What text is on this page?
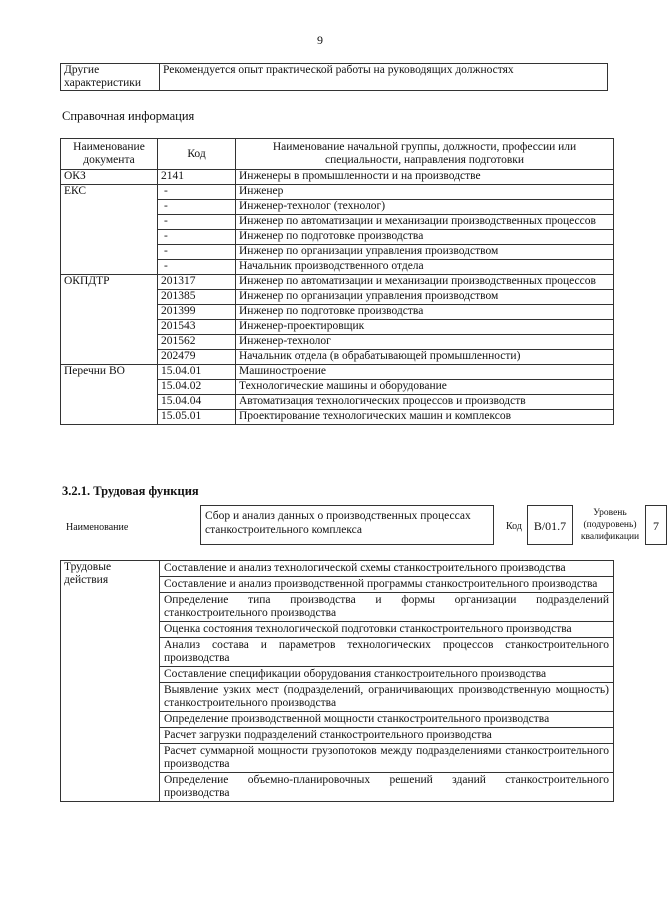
9
Другие характеристики	Рекомендуется опыт практической работы на руководящих должностях
Справочная информация
Наименование документа	Код	Наименование начальной группы, должности, профессии или специальности, направления подготовки
ОКЗ	2141	Инженеры в промышленности и на производстве
ЕКС	-	Инженер
	-	Инженер-технолог (технолог)
	-	Инженер по автоматизации и механизации производственных процессов
	-	Инженер по подготовке производства
	-	Инженер по организации управления производством
	-	Начальник производственного отдела
ОКПДТР	201317	Инженер по автоматизации и механизации производственных процессов
	201385	Инженер по организации управления производством
	201399	Инженер по подготовке производства
	201543	Инженер-проектировщик
	201562	Инженер-технолог
	202479	Начальник отдела (в обрабатывающей промышленности)
Перечни ВО	15.04.01	Машиностроение
	15.04.02	Технологические машины и оборудование
	15.04.04	Автоматизация технологических процессов и производств
	15.05.01	Проектирование технологических машин и комплексов
3.2.1. Трудовая функция
Наименование
Сбор и анализ данных о производственных процессах станкостроительного комплекса	Код B/01.7
Уровень (подуровень) квалификации
7
Трудовые действия	Составление и анализ технологической схемы станкостроительного производства
Составление и анализ производственной программы станкостроительного производства
Определение типа производства и формы организации подразделений станкостроительного производства
Оценка состояния технологической подготовки станкостроительного производства
Анализ состава и параметров технологических процессов станкостроительного производства
Составление спецификации оборудования станкостроительного производства
Выявление узких мест (подразделений, ограничивающих производственную мощность) станкостроительного производства
Определение производственной мощности станкостроительного производства
Расчет загрузки подразделений станкостроительного производства
Расчет суммарной мощности грузопотоков между подразделениями станкостроительного производства
Определение объемно-планировочных решений зданий станкостроительного производства
